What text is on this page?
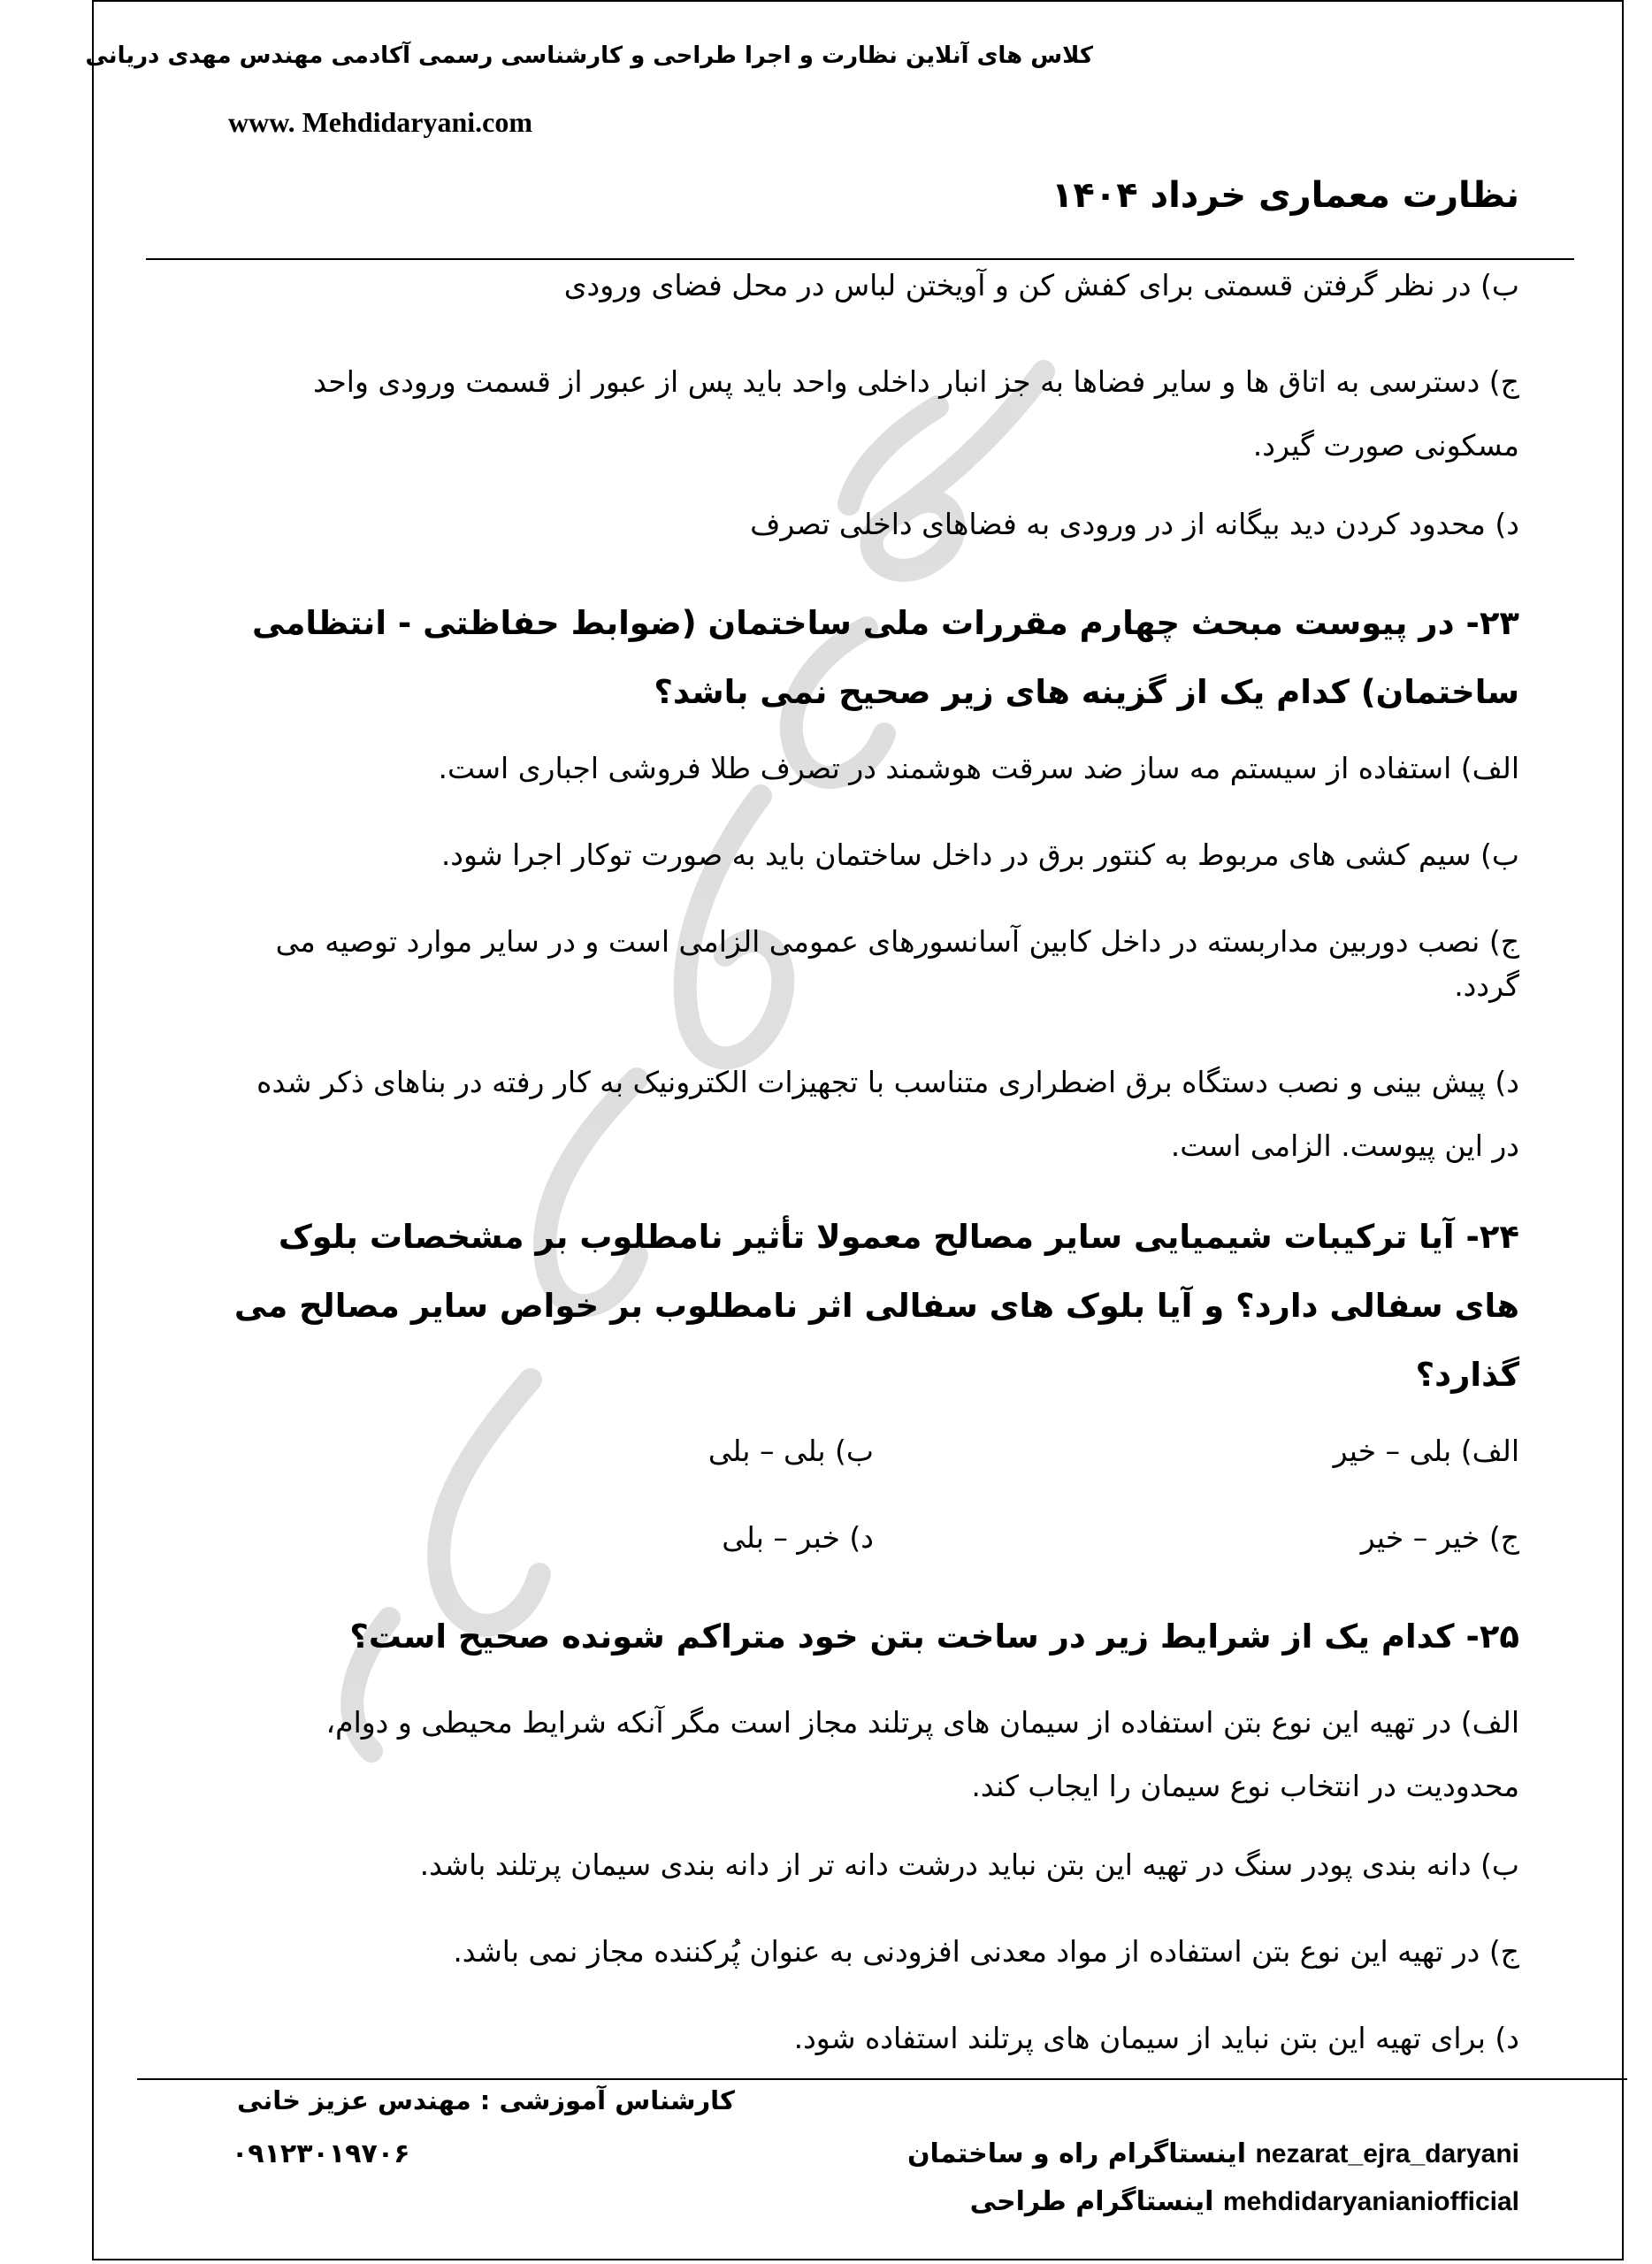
کلاس های آنلاین نظارت و اجرا طراحی و کارشناسی رسمی آکادمی مهندس مهدی دریانی
www. Mehdidaryani.com
نظارت معماری خرداد ۱۴۰۴

ب) در نظر گرفتن قسمتی برای کفش کن و آویختن لباس در محل فضای ورودی

ج) دسترسی به اتاق ها و سایر فضاها به جز انبار داخلی واحد باید پس از عبور از قسمت ورودی واحد مسکونی صورت گیرد.

د) محدود کردن دید بیگانه از در ورودی به فضاهای داخلی تصرف

۲۳- در پیوست مبحث چهارم مقررات ملی ساختمان (ضوابط حفاظتی - انتظامی ساختمان) کدام یک از گزینه های زیر صحیح نمی باشد؟

الف) استفاده از سیستم مه ساز ضد سرقت هوشمند در تصرف طلا فروشی اجباری است.

ب) سیم کشی های مربوط به کنتور برق در داخل ساختمان باید به صورت توکار اجرا شود.

ج) نصب دوربین مداربسته در داخل کابین آسانسورهای عمومی الزامی است و در سایر موارد توصیه می گردد.

د) پیش بینی و نصب دستگاه برق اضطراری متناسب با تجهیزات الکترونیک به کار رفته در بناهای ذکر شده در این پیوست. الزامی است.

۲۴- آیا ترکیبات شیمیایی سایر مصالح معمولا تأثیر نامطلوب بر مشخصات بلوک های سفالی دارد؟ و آیا بلوک های سفالی اثر نامطلوب بر خواص سایر مصالح می گذارد؟

الف) بلی – خیر

ب) بلی – بلی

ج) خیر – خیر

د) خبر – بلی

۲۵- کدام یک از شرایط زیر در ساخت بتن خود متراکم شونده صحیح است؟

الف) در تهیه این نوع بتن استفاده از سیمان های پرتلند مجاز است مگر آنکه شرایط محیطی و دوام، محدودیت در انتخاب نوع سیمان را ایجاب کند.

ب) دانه بندی پودر سنگ در تهیه این بتن نباید درشت دانه تر از دانه بندی سیمان پرتلند باشد.

ج) در تهیه این نوع بتن استفاده از مواد معدنی افزودنی به عنوان پُرکننده مجاز نمی باشد.

د) برای تهیه این بتن نباید از سیمان های پرتلند استفاده شود.

کارشناس آموزشی : مهندس عزیز خانی
۰۹۱۲۳۰۱۹۷۰۶	nezarat_ejra_daryani اینستاگرام راه و ساختمان
mehdidaryanianiofficial اینستاگرام طراحی
